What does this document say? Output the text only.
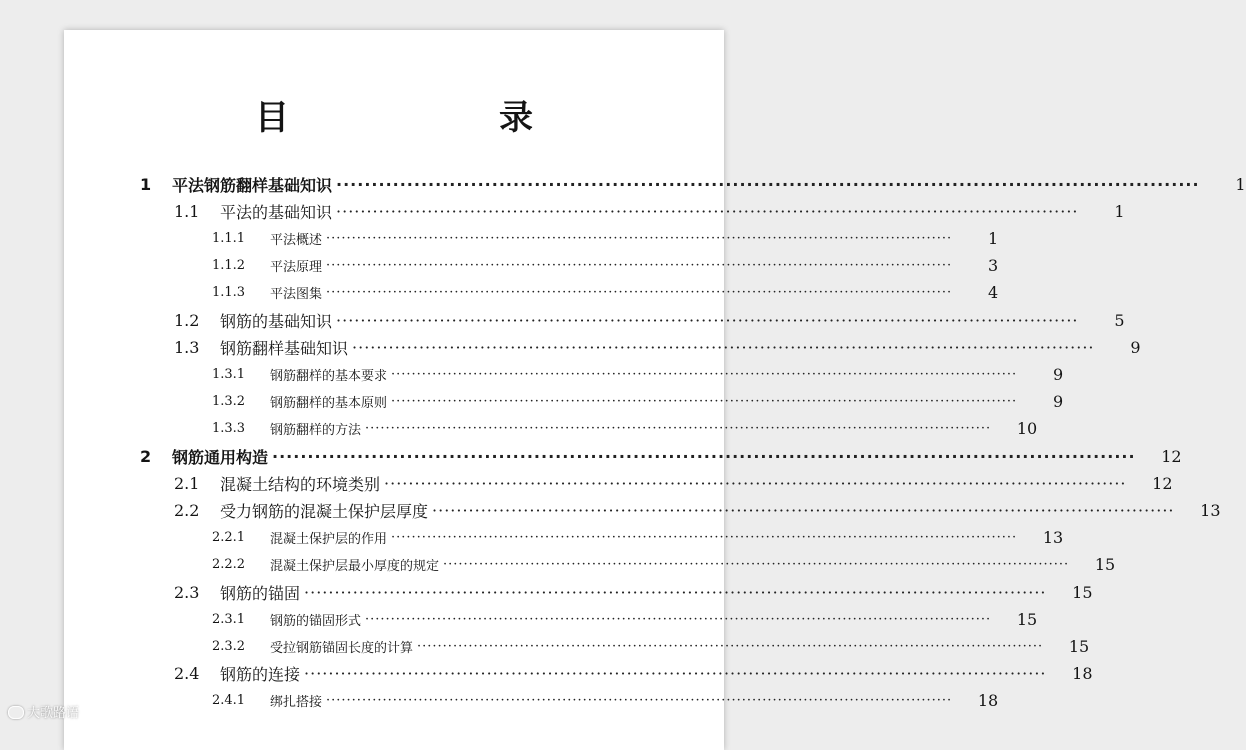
目　录
1	平法钢筋翻样基础知识 ··························································································································	1
1.1	平法的基础知识 ··························································································································	1
1.1.1	平法概述 ··························································································································	1
1.1.2	平法原理 ··························································································································	3
1.1.3	平法图集 ··························································································································	4
1.2	钢筋的基础知识 ··························································································································	5
1.3	钢筋翻样基础知识 ··························································································································	9
1.3.1	钢筋翻样的基本要求 ··························································································································	9
1.3.2	钢筋翻样的基本原则 ··························································································································	9
1.3.3	钢筋翻样的方法 ··························································································································	10
2	钢筋通用构造 ··························································································································	12
2.1	混凝土结构的环境类别 ··························································································································	12
2.2	受力钢筋的混凝土保护层厚度 ··························································································································	13
2.2.1	混凝土保护层的作用 ··························································································································	13
2.2.2	混凝土保护层最小厚度的规定 ··························································································································	15
2.3	钢筋的锚固 ··························································································································	15
2.3.1	钢筋的锚固形式 ··························································································································	15
2.3.2	受拉钢筋锚固长度的计算 ··························································································································	15
2.4	钢筋的连接 ··························································································································	18
2.4.1	绑扎搭接 ··························································································································	18
大歌路语
